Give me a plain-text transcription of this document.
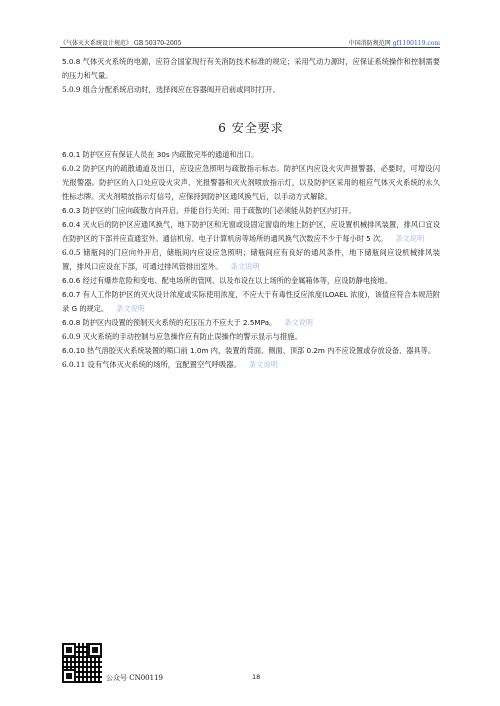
《气体灭火系统设计规范》 GB 50370-2005	中国消防规范网 gf1190119.com

5.0.8 气体灭火系统的电源，应符合国家现行有关消防技术标准的规定；采用气动力源时，应保证系统操作和控制需要的压力和气量。

5.0.9 组合分配系统启动时，选择阀应在容器阀开启前或同时打开。

6 安全要求

6.0.1 防护区应有保证人员在 30s 内疏散完毕的通道和出口。

6.0.2 防护区内的疏散通道及出口，应设应急照明与疏散指示标志。防护区内应设火灾声报警器，必要时，可增设闪光报警器。防护区的入口处应设火灾声、光报警器和灭火剂喷放指示灯，以及防护区采用的相应气体灭火系统的永久性标志牌。灭火剂喷放指示灯信号，应保持到防护区通风换气后，以手动方式解除。

6.0.3 防护区的门应向疏散方向开启，并能自行关闭；用于疏散的门必须能从防护区内打开。

6.0.4 灭火后的防护区应通风换气，地下防护区和无窗或设固定窗扇的地上防护区，应设置机械排风装置，排风口宜设在防护区的下部并应直通室外。通信机房、电子计算机房等场所的通风换气次数应不少于每小时 5 次。 条文说明

6.0.5 储瓶间的门应向外开启，储瓶间内应设应急照明；储瓶间应有良好的通风条件，地下储瓶间应设机械排风装置，排风口应设在下部，可通过排风管排出室外。 条文说明

6.0.6 经过有爆炸危险和变电、配电场所的管网、以及布设在以上场所的金属箱体等，应设防静电接地。

6.0.7 有人工作防护区的灭火设计浓度或实际使用浓度，不应大于有毒性反应浓度(LOAEL 浓度)，该值应符合本规范附录 G 的规定。 条文说明

6.0.8 防护区内设置的预制灭火系统的充压压力不应大于 2.5MPa。 条文说明

6.0.9 灭火系统的手动控制与应急操作应有防止误操作的警示显示与措施。

6.0.10 热气溶胶灭火系统装置的喷口前 1.0m 内，装置的背面、侧面、顶部 0.2m 内不应设置或存放设备、器具等。

6.0.11 设有气体灭火系统的场所，宜配置空气呼吸器。 条文说明

公众号 CN00119	18
